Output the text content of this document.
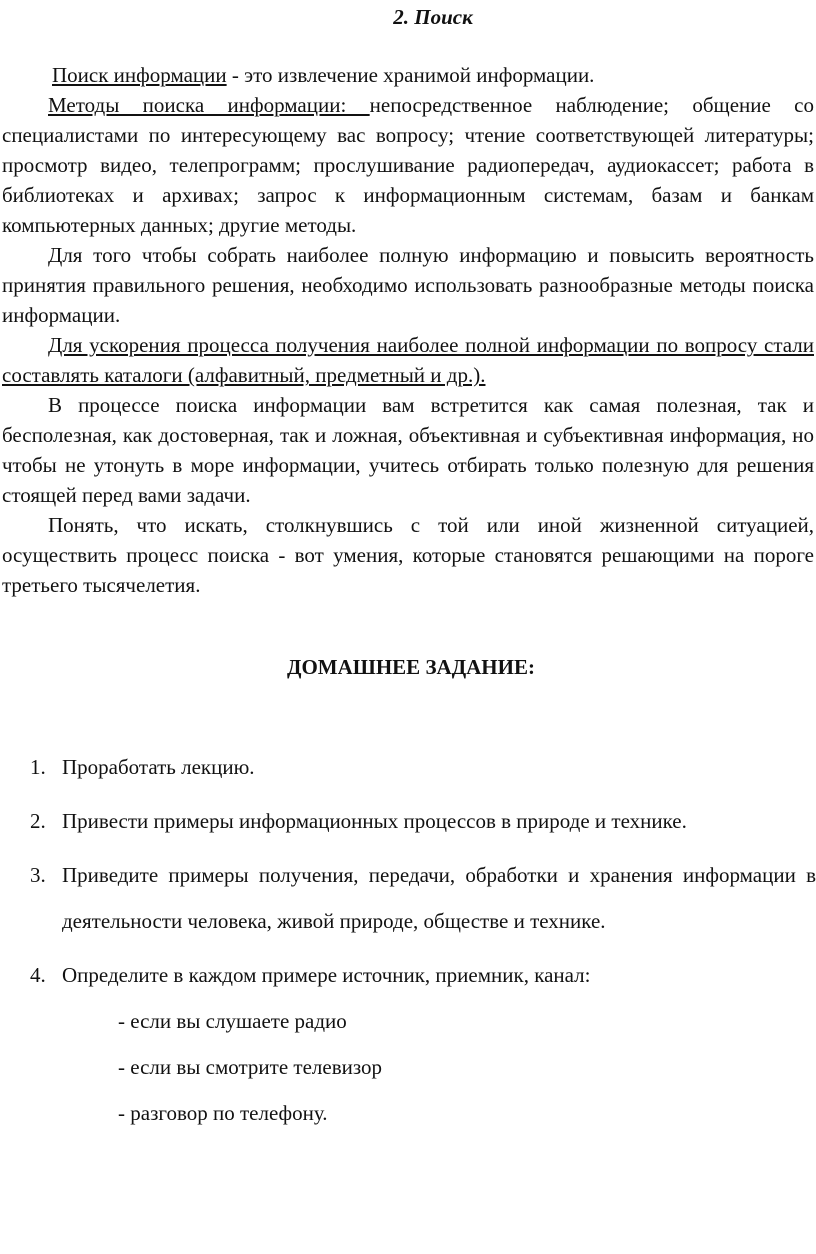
2. Поиск

Поиск информации - это извлечение хранимой информации.

Методы поиска информации: непосредственное наблюдение; общение со специалистами по интересующему вас вопросу; чтение соответствующей литературы; просмотр видео, телепрограмм; прослушивание радиопередач, аудиокассет; работа в библиотеках и архивах; запрос к информационным системам, базам и банкам компьютерных данных; другие методы.

Для того чтобы собрать наиболее полную информацию и повысить вероятность принятия правильного решения, необходимо использовать разнообразные методы поиска информации.

Для ускорения процесса получения наиболее полной информации по вопросу стали составлять каталоги (алфавитный, предметный и др.).

В процессе поиска информации вам встретится как самая полезная, так и бесполезная, как достоверная, так и ложная, объективная и субъективная информация, но чтобы не утонуть в море информации, учитесь отбирать только полезную для решения стоящей перед вами задачи.

Понять, что искать, столкнувшись с той или иной жизненной ситуацией, осуществить процесс поиска - вот умения, которые становятся решающими на пороге третьего тысячелетия.

ДОМАШНЕЕ ЗАДАНИЕ:
1. Проработать лекцию.
2. Привести примеры информационных процессов в природе и технике.
3. Приведите примеры получения, передачи, обработки и хранения информации в деятельности человека, живой природе, обществе и технике.
4. Определите в каждом примере источник, приемник, канал:
- если вы слушаете радио
- если вы смотрите телевизор
- разговор по телефону.
